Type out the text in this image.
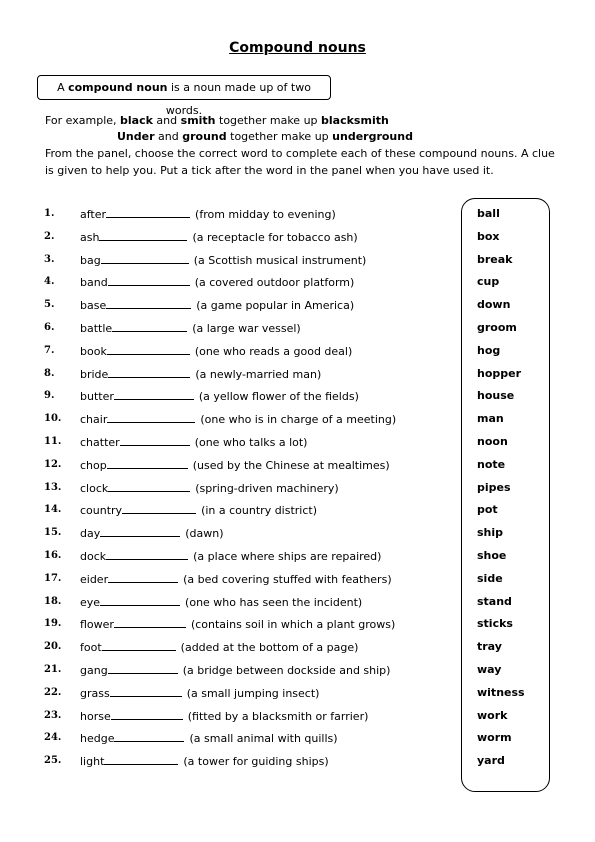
Compound nouns
A compound noun is a noun made up of two words.
For example, black and smith together make up blacksmith
Under and ground together make up underground
From the panel, choose the correct word to complete each of these compound nouns. A clue
is given to help you. Put a tick after the word in the panel when you have used it.
1. after	(from midday to evening)
2. ash	(a receptacle for tobacco ash)
3. bag	(a Scottish musical instrument)
4. band	(a covered outdoor platform)
5. base	(a game popular in America)
6. battle	(a large war vessel)
7. book	(one who reads a good deal)
8. bride	(a newly-married man)
9. butter	(a yellow flower of the fields)
10. chair	(one who is in charge of a meeting)
11. chatter	(one who talks a lot)
12. chop	(used by the Chinese at mealtimes)
13. clock	(spring-driven machinery)
14. country	(in a country district)
15. day	(dawn)
16. dock	(a place where ships are repaired)
17. eider	(a bed covering stuffed with feathers)
18. eye	(one who has seen the incident)
19. flower	(contains soil in which a plant grows)
20. foot	(added at the bottom of a page)
21. gang	(a bridge between dockside and ship)
22. grass	(a small jumping insect)
23. horse	(fitted by a blacksmith or farrier)
24. hedge	(a small animal with quills)
25. light	(a tower for guiding ships)
ball
box
break
cup
down
groom
hog
hopper
house
man
noon
note
pipes
pot
ship
shoe
side
stand
sticks
tray
way
witness
work
worm
yard
